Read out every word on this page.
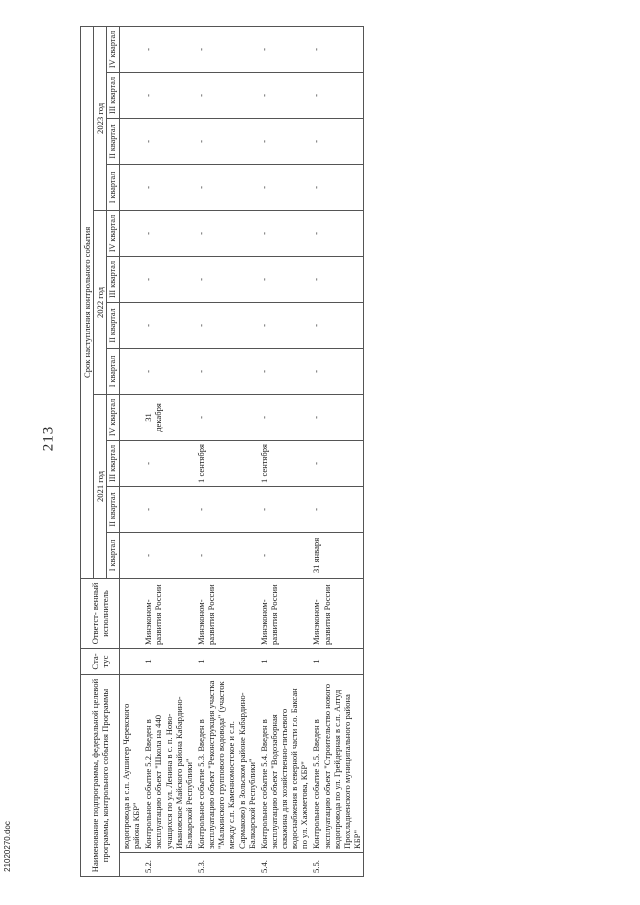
213
21020270.doc	Наименование подпрограммы, федеральной целевой программы, контрольного события Программы		Ста- тус	Ответст- венный исполнитель	Срок наступления контрольного события											
				2021 год				2022 год				2023 год			
				I квартал	II квартал	III квартал	IV квартал	I квартал	II квартал	III квартал	IV квартал	I квартал	II квартал	III квартал	IV квартал
	водопровода в с.п. Аушигер Черекского района КБР"														
5.2.	Контрольное событие 5.2. Введен в эксплуатацию объект "Школа на 440 учащихся по ул. Ленина в с. п. Ново-Ивановское Майского района Кабардино-Балкарской Республики"	1	Минэконом-развития России	-	-	-	31 декабря	-	-	-	-	-	-	-	-
5.3.	Контрольное событие 5.3. Введен в эксплуатацию объект "Реконструкция участка "Малкинского группового водовода" (участок между с.п. Каменномостское и с.п. Сармаково) в Зольском районе Кабардино-Балкарской Республики"	1	Минэконом-развития России	-	-	1 сентября	-	-	-	-	-	-	-	-	-
5.4.	Контрольное событие 5.4. Введен в эксплуатацию объект "Водозаборная скважина для хозяйственно-питьевого водоснабжения в северной части г.о. Баксан по ул. Хажметова, КБР"	1	Минэконом-развития России	-	-	1 сентября	-	-	-	-	-	-	-	-	-
5.5.	Контрольное событие 5.5. Введен в эксплуатацию объект "Строительство нового водопровода по ул. Грейдерная в с.п. Алтуд Прохладненского муниципального района КБР"	1	Минэконом-развития России	31 января	-	-	-	-	-	-	-	-	-	-	-
